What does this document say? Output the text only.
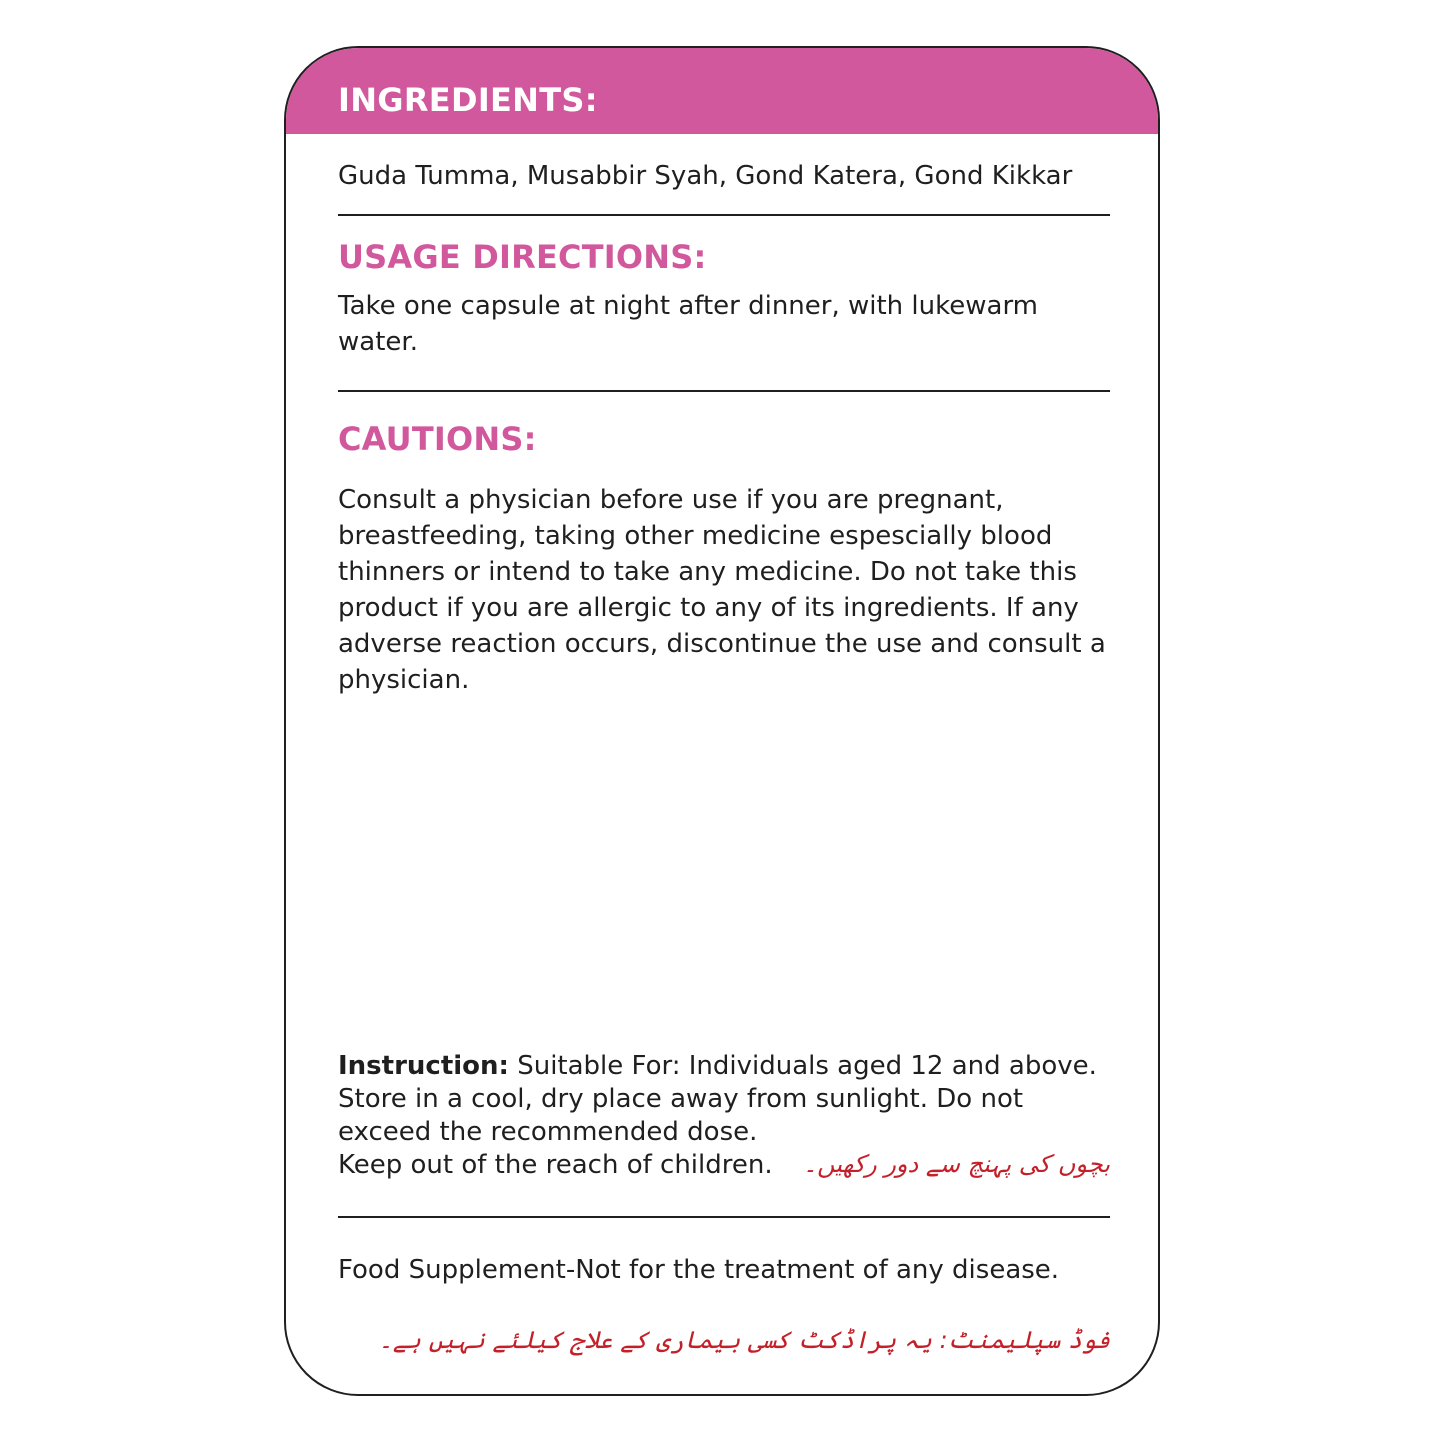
INGREDIENTS:
Guda Tumma, Musabbir Syah, Gond Katera, Gond Kikkar
USAGE DIRECTIONS:
Take one capsule at night after dinner, with lukewarm water.
CAUTIONS:
Consult a physician before use if you are pregnant, breastfeeding, taking other medicine espescially blood thinners or intend to take any medicine. Do not take this product if you are allergic to any of its ingredients. If any adverse reaction occurs, discontinue the use and consult a physician.
Instruction: Suitable For: Individuals aged 12 and above. Store in a cool, dry place away from sunlight. Do not exceed the recommended dose.
Keep out of the reach of children.	بچوں کی پہنچ سے دور رکھیں۔
Food Supplement-Not for the treatment of any disease.
فوڈ سپلیمنٹ: یہ پراڈکٹ کسی بیماری کے علاج کیلئے نہیں ہے۔
